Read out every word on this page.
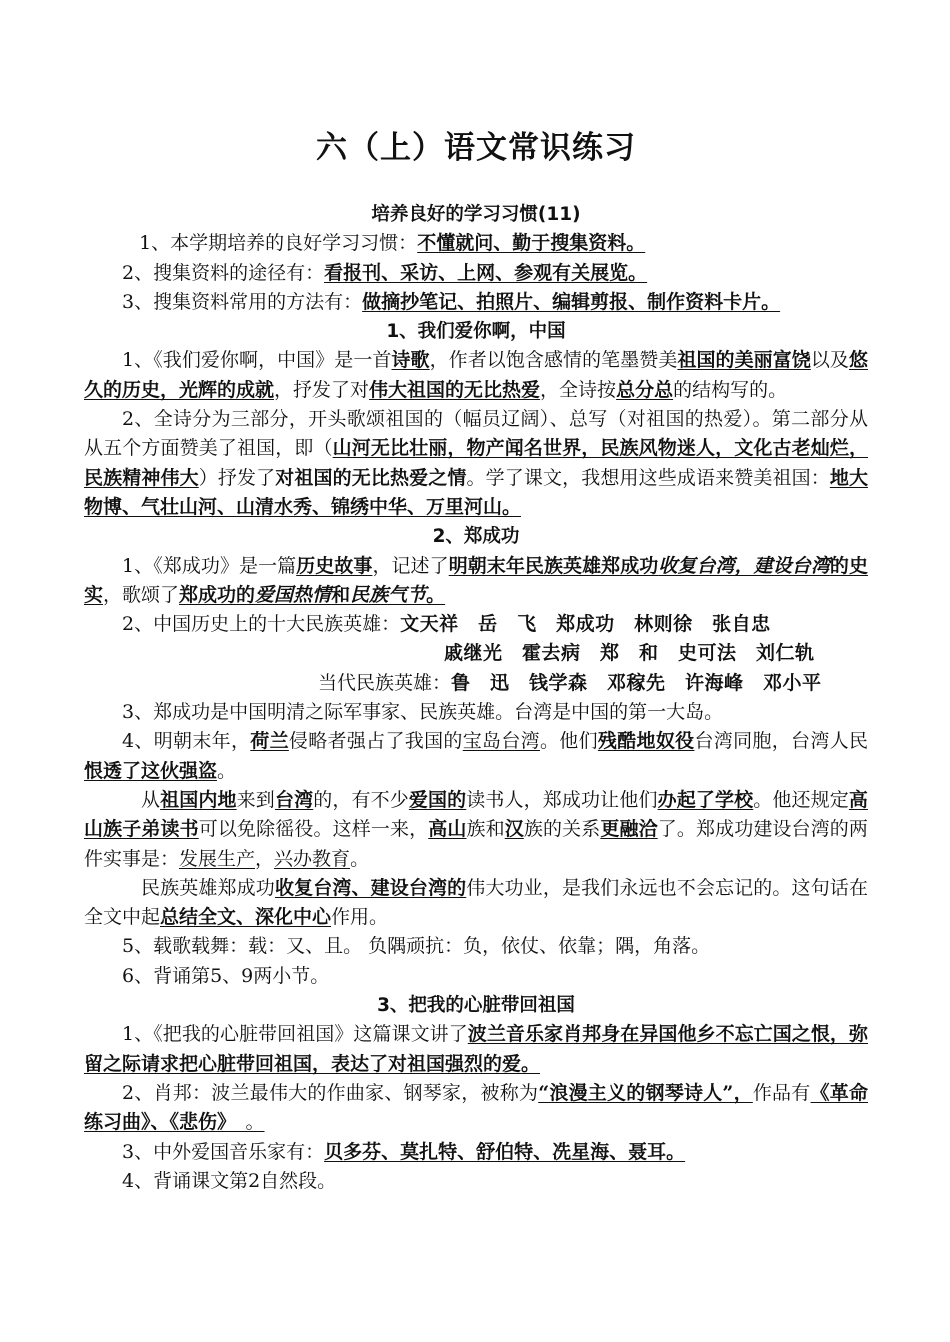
六（上）语文常识练习
培养良好的学习习惯(11)
1、本学期培养的良好学习习惯：不懂就问、勤于搜集资料。
2、搜集资料的途径有：看报刊、采访、上网、参观有关展览。
3、搜集资料常用的方法有：做摘抄笔记、拍照片、编辑剪报、制作资料卡片。
1、我们爱你啊，中国
1、《我们爱你啊，中国》是一首诗歌，作者以饱含感情的笔墨赞美祖国的美丽富饶以及悠久的历史，光辉的成就，抒发了对伟大祖国的无比热爱，全诗按总分总的结构写的。
2、全诗分为三部分，开头歌颂祖国的（幅员辽阔）、总写（对祖国的热爱）。第二部分从从五个方面赞美了祖国，即（山河无比壮丽，物产闻名世界，民族风物迷人，文化古老灿烂，民族精神伟大）抒发了对祖国的无比热爱之情。学了课文，我想用这些成语来赞美祖国：地大物博、气壮山河、山清水秀、锦绣中华、万里河山。
2、郑成功
1、《郑成功》是一篇历史故事，记述了明朝末年民族英雄郑成功收复台湾，建设台湾的史实，歌颂了郑成功的爱国热情和民族气节。
2、中国历史上的十大民族英雄：文天祥　岳　飞　郑成功　林则徐　张自忠
戚继光　霍去病　郑　和　史可法　刘仁轨
当代民族英雄：鲁　迅　钱学森　邓稼先　许海峰　邓小平
3、郑成功是中国明清之际军事家、民族英雄。台湾是中国的第一大岛。
4、明朝末年，荷兰侵略者强占了我国的宝岛台湾。他们残酷地奴役台湾同胞，台湾人民恨透了这伙强盗。
从祖国内地来到台湾的，有不少爱国的读书人，郑成功让他们办起了学校。他还规定高山族子弟读书可以免除徭役。这样一来，高山族和汉族的关系更融洽了。郑成功建设台湾的两件实事是：发展生产，兴办教育。
民族英雄郑成功收复台湾、建设台湾的伟大功业，是我们永远也不会忘记的。这句话在全文中起总结全文、深化中心作用。
5、载歌载舞：载：又、且。 负隅顽抗：负，依仗、依靠；隅，角落。
6、背诵第5、9两小节。
3、把我的心脏带回祖国
1、《把我的心脏带回祖国》这篇课文讲了波兰音乐家肖邦身在异国他乡不忘亡国之恨，弥留之际请求把心脏带回祖国，表达了对祖国强烈的爱。
2、肖邦：波兰最伟大的作曲家、钢琴家，被称为“浪漫主义的钢琴诗人”，作品有《革命练习曲》、《悲伤》　。
3、中外爱国音乐家有：贝多芬、莫扎特、舒伯特、冼星海、聂耳。
4、背诵课文第2自然段。
